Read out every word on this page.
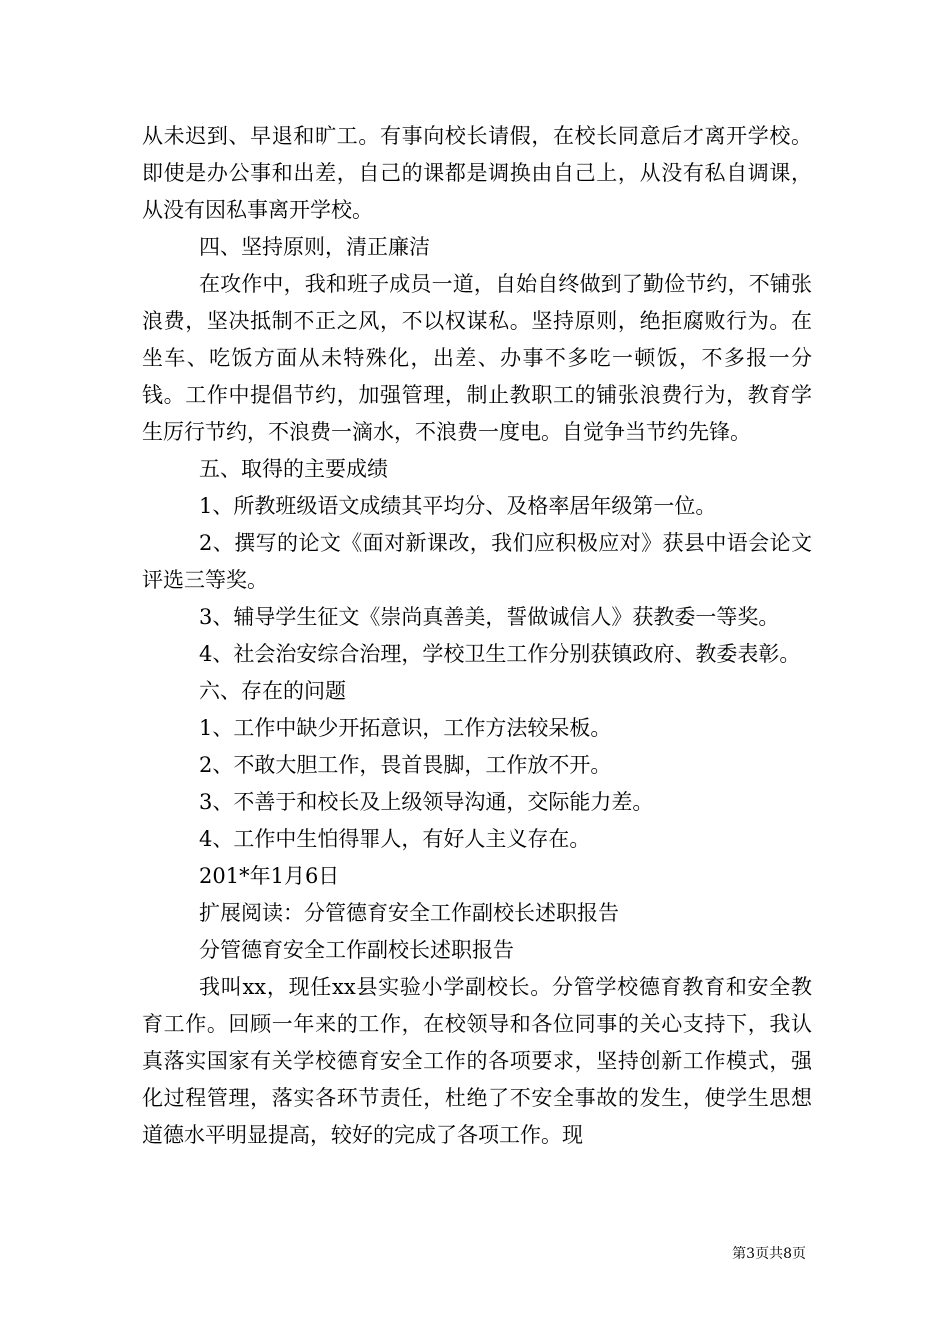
从未迟到、早退和旷工。有事向校长请假，在校长同意后才离开学校。即使是办公事和出差，自己的课都是调换由自己上，从没有私自调课，从没有因私事离开学校。

四、坚持原则，清正廉洁

在攻作中，我和班子成员一道，自始自终做到了勤俭节约，不铺张浪费，坚决抵制不正之风，不以权谋私。坚持原则，绝拒腐败行为。在坐车、吃饭方面从未特殊化，出差、办事不多吃一顿饭，不多报一分钱。工作中提倡节约，加强管理，制止教职工的铺张浪费行为，教育学生厉行节约，不浪费一滴水，不浪费一度电。自觉争当节约先锋。

五、取得的主要成绩

1、所教班级语文成绩其平均分、及格率居年级第一位。

2、撰写的论文《面对新课改，我们应积极应对》获县中语会论文评选三等奖。

3、辅导学生征文《崇尚真善美，誓做诚信人》获教委一等奖。

4、社会治安综合治理，学校卫生工作分别获镇政府、教委表彰。

六、存在的问题

1、工作中缺少开拓意识，工作方法较呆板。

2、不敢大胆工作，畏首畏脚，工作放不开。

3、不善于和校长及上级领导沟通，交际能力差。

4、工作中生怕得罪人，有好人主义存在。

201*年1月6日

扩展阅读：分管德育安全工作副校长述职报告

分管德育安全工作副校长述职报告

我叫xx，现任xx县实验小学副校长。分管学校德育教育和安全教育工作。回顾一年来的工作，在校领导和各位同事的关心支持下，我认真落实国家有关学校德育安全工作的各项要求，坚持创新工作模式，强化过程管理，落实各环节责任，杜绝了不安全事故的发生，使学生思想道德水平明显提高，较好的完成了各项工作。现

第3页共8页
